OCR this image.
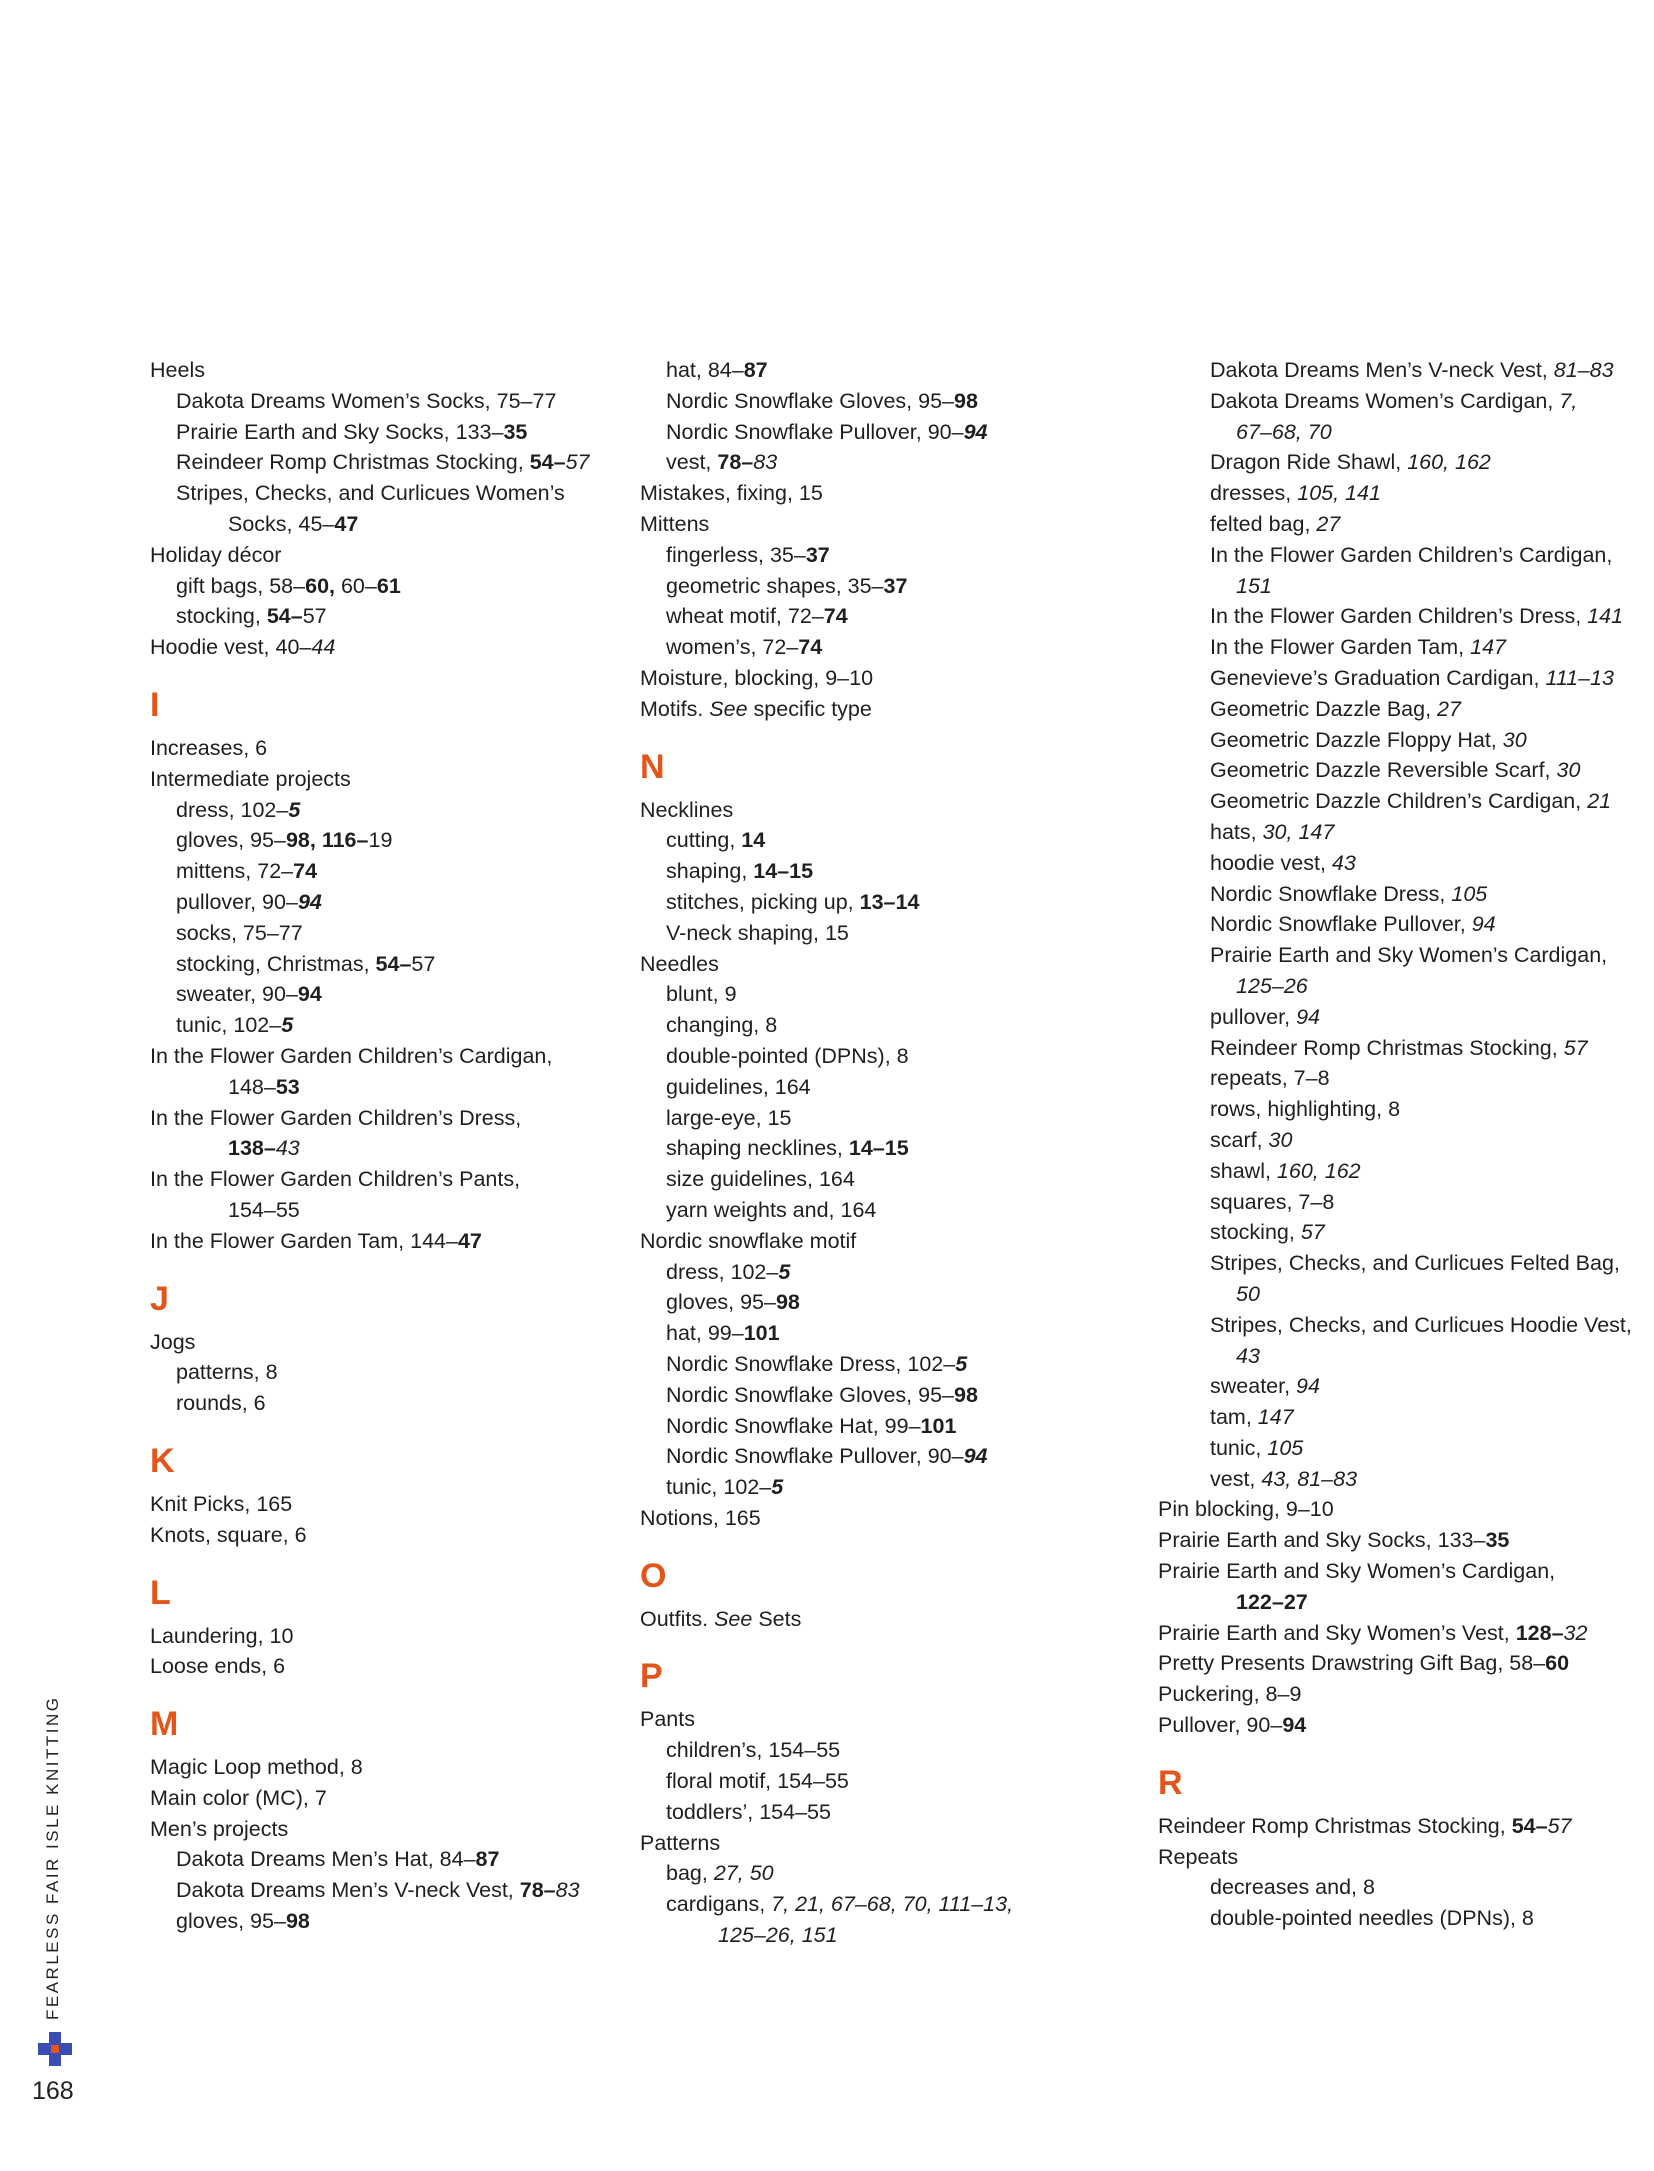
Heels
Dakota Dreams Women’s Socks, 75–77
Prairie Earth and Sky Socks, 133–35
Reindeer Romp Christmas Stocking, 54–57
Stripes, Checks, and Curlicues Women’s
Socks, 45–47
Holiday décor
gift bags, 58–60, 60–61
stocking, 54–57
Hoodie vest, 40–44
I
Increases, 6
Intermediate projects
dress, 102–5
gloves, 95–98, 116–19
mittens, 72–74
pullover, 90–94
socks, 75–77
stocking, Christmas, 54–57
sweater, 90–94
tunic, 102–5
In the Flower Garden Children’s Cardigan,
148–53
In the Flower Garden Children’s Dress,
138–43
In the Flower Garden Children’s Pants,
154–55
In the Flower Garden Tam, 144–47
J
Jogs
patterns, 8
rounds, 6
K
Knit Picks, 165
Knots, square, 6
L
Laundering, 10
Loose ends, 6
M
Magic Loop method, 8
Main color (MC), 7
Men’s projects
Dakota Dreams Men’s Hat, 84–87
Dakota Dreams Men’s V-neck Vest, 78–83
gloves, 95–98
hat, 84–87
Nordic Snowflake Gloves, 95–98
Nordic Snowflake Pullover, 90–94
vest, 78–83
Mistakes, fixing, 15
Mittens
fingerless, 35–37
geometric shapes, 35–37
wheat motif, 72–74
women’s, 72–74
Moisture, blocking, 9–10
Motifs. See specific type
N
Necklines
cutting, 14
shaping, 14–15
stitches, picking up, 13–14
V-neck shaping, 15
Needles
blunt, 9
changing, 8
double-pointed (DPNs), 8
guidelines, 164
large-eye, 15
shaping necklines, 14–15
size guidelines, 164
yarn weights and, 164
Nordic snowflake motif
dress, 102–5
gloves, 95–98
hat, 99–101
Nordic Snowflake Dress, 102–5
Nordic Snowflake Gloves, 95–98
Nordic Snowflake Hat, 99–101
Nordic Snowflake Pullover, 90–94
tunic, 102–5
Notions, 165
O
Outfits. See Sets
P
Pants
children’s, 154–55
floral motif, 154–55
toddlers’, 154–55
Patterns
bag, 27, 50
cardigans, 7, 21, 67–68, 70, 111–13,
125–26, 151
Dakota Dreams Men’s V-neck Vest, 81–83
Dakota Dreams Women’s Cardigan, 7,
67–68, 70
Dragon Ride Shawl, 160, 162
dresses, 105, 141
felted bag, 27
In the Flower Garden Children’s Cardigan,
151
In the Flower Garden Children’s Dress, 141
In the Flower Garden Tam, 147
Genevieve’s Graduation Cardigan, 111–13
Geometric Dazzle Bag, 27
Geometric Dazzle Floppy Hat, 30
Geometric Dazzle Reversible Scarf, 30
Geometric Dazzle Children’s Cardigan, 21
hats, 30, 147
hoodie vest, 43
Nordic Snowflake Dress, 105
Nordic Snowflake Pullover, 94
Prairie Earth and Sky Women’s Cardigan,
125–26
pullover, 94
Reindeer Romp Christmas Stocking, 57
repeats, 7–8
rows, highlighting, 8
scarf, 30
shawl, 160, 162
squares, 7–8
stocking, 57
Stripes, Checks, and Curlicues Felted Bag,
50
Stripes, Checks, and Curlicues Hoodie Vest,
43
sweater, 94
tam, 147
tunic, 105
vest, 43, 81–83
Pin blocking, 9–10
Prairie Earth and Sky Socks, 133–35
Prairie Earth and Sky Women’s Cardigan,
122–27
Prairie Earth and Sky Women’s Vest, 128–32
Pretty Presents Drawstring Gift Bag, 58–60
Puckering, 8–9
Pullover, 90–94
R
Reindeer Romp Christmas Stocking, 54–57
Repeats
decreases and, 8
double-pointed needles (DPNs), 8
FEARLESS FAIR ISLE KNITTING
168
